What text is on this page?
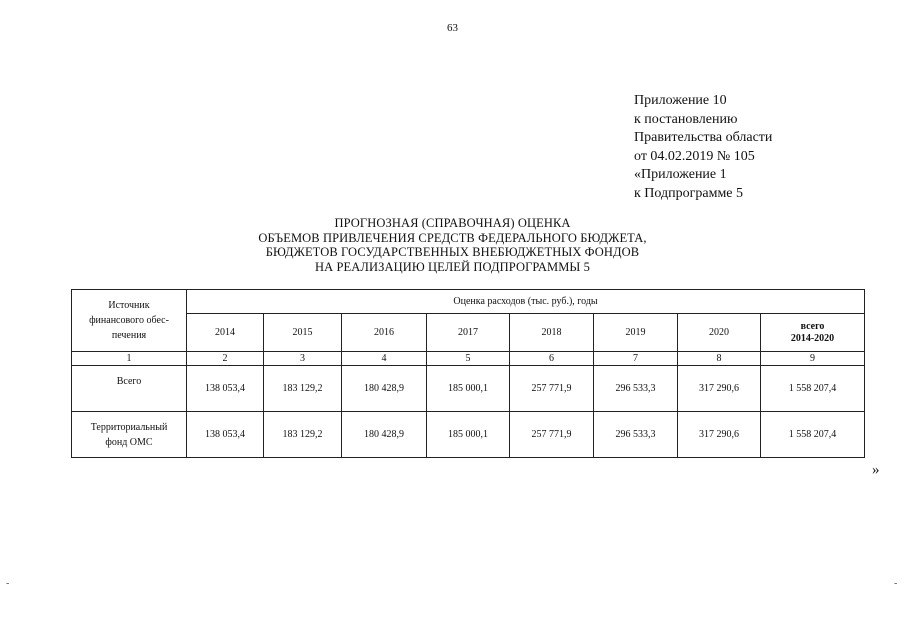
63
Приложение 10
к постановлению
Правительства области
от 04.02.2019 № 105
«Приложение 1
к Подпрограмме 5
ПРОГНОЗНАЯ (СПРАВОЧНАЯ) ОЦЕНКА
ОБЪЕМОВ ПРИВЛЕЧЕНИЯ СРЕДСТВ ФЕДЕРАЛЬНОГО БЮДЖЕТА,
БЮДЖЕТОВ ГОСУДАРСТВЕННЫХ ВНЕБЮДЖЕТНЫХ ФОНДОВ
НА РЕАЛИЗАЦИЮ ЦЕЛЕЙ ПОДПРОГРАММЫ 5
Источник
финансового обес-
печения	Оценка расходов (тыс. руб.), годы							
	2014	2015	2016	2017	2018	2019	2020	всего
2014-2020

1	2	3	4	5	6	7	8	9

Всего	138 053,4	183 129,2	180 428,9	185 000,1	257 771,9	296 533,3	317 290,6	1 558 207,4

Территориальный
фонд ОМС	138 053,4	183 129,2	180 428,9	185 000,1	257 771,9	296 533,3	317 290,6	1 558 207,4
»
-	-
